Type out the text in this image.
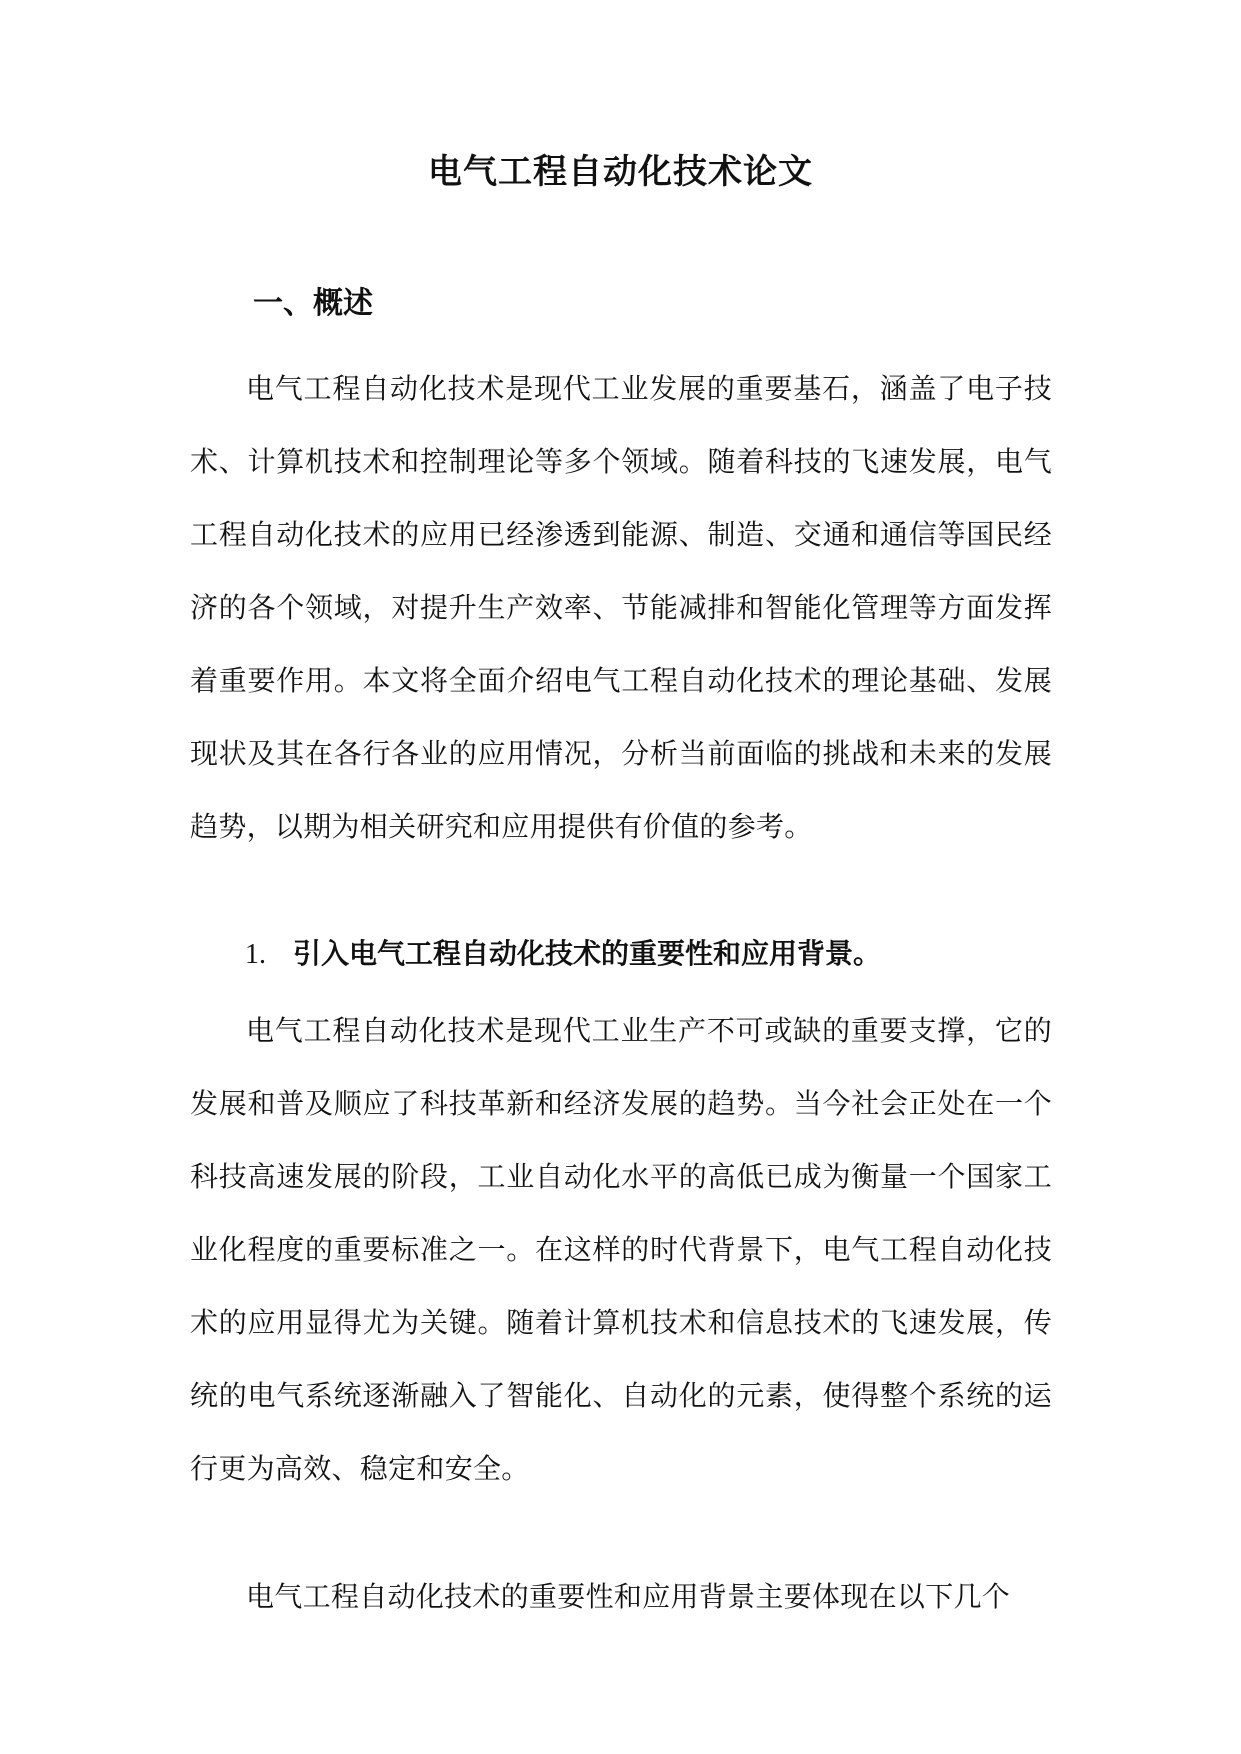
电气工程自动化技术论文
一、概述

电气工程自动化技术是现代工业发展的重要基石，涵盖了电子技术、计算机技术和控制理论等多个领域。随着科技的飞速发展，电气工程自动化技术的应用已经渗透到能源、制造、交通和通信等国民经济的各个领域，对提升生产效率、节能减排和智能化管理等方面发挥着重要作用。本文将全面介绍电气工程自动化技术的理论基础、发展现状及其在各行各业的应用情况，分析当前面临的挑战和未来的发展趋势，以期为相关研究和应用提供有价值的参考。

1. 引入电气工程自动化技术的重要性和应用背景。

电气工程自动化技术是现代工业生产不可或缺的重要支撑，它的发展和普及顺应了科技革新和经济发展的趋势。当今社会正处在一个科技高速发展的阶段，工业自动化水平的高低已成为衡量一个国家工业化程度的重要标准之一。在这样的时代背景下，电气工程自动化技术的应用显得尤为关键。随着计算机技术和信息技术的飞速发展，传统的电气系统逐渐融入了智能化、自动化的元素，使得整个系统的运行更为高效、稳定和安全。

电气工程自动化技术的重要性和应用背景主要体现在以下几个
